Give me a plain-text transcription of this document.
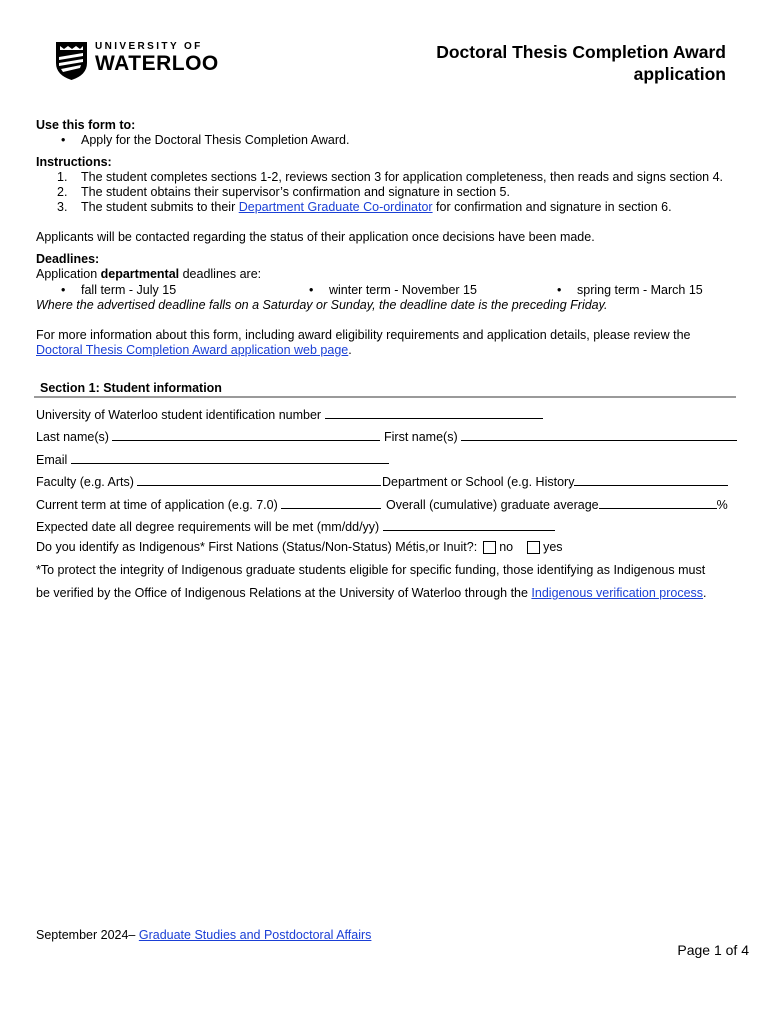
UNIVERSITY OF
WATERLOO	Doctoral Thesis Completion Award
application
Use this form to:
• Apply for the Doctoral Thesis Completion Award.
Instructions:
1. The student completes sections 1-2, reviews section 3 for application completeness, then reads and signs section 4.
2. The student obtains their supervisor’s confirmation and signature in section 5.
3. The student submits to their Department Graduate Co-ordinator for confirmation and signature in section 6.
Applicants will be contacted regarding the status of their application once decisions have been made.
Deadlines:
Application departmental deadlines are:
• fall term - July 15	• winter term - November 15	• spring term - March 15
Where the advertised deadline falls on a Saturday or Sunday, the deadline date is the preceding Friday.
For more information about this form, including award eligibility requirements and application details, please review the
Doctoral Thesis Completion Award application web page.
Section 1: Student information
University of Waterloo student identification number
Last name(s)	First name(s)
Email
Faculty (e.g. Arts)	Department or School (e.g. History
Current term at time of application (e.g. 7.0)	Overall (cumulative) graduate average	%
Expected date all degree requirements will be met (mm/dd/yy)
Do you identify as Indigenous* First Nations (Status/Non-Status) Métis,or Inuit?: no yes
*To protect the integrity of Indigenous graduate students eligible for specific funding, those identifying as Indigenous must
be verified by the Office of Indigenous Relations at the University of Waterloo through the Indigenous verification process.
September 2024– Graduate Studies and Postdoctoral Affairs
Page 1 of 4
